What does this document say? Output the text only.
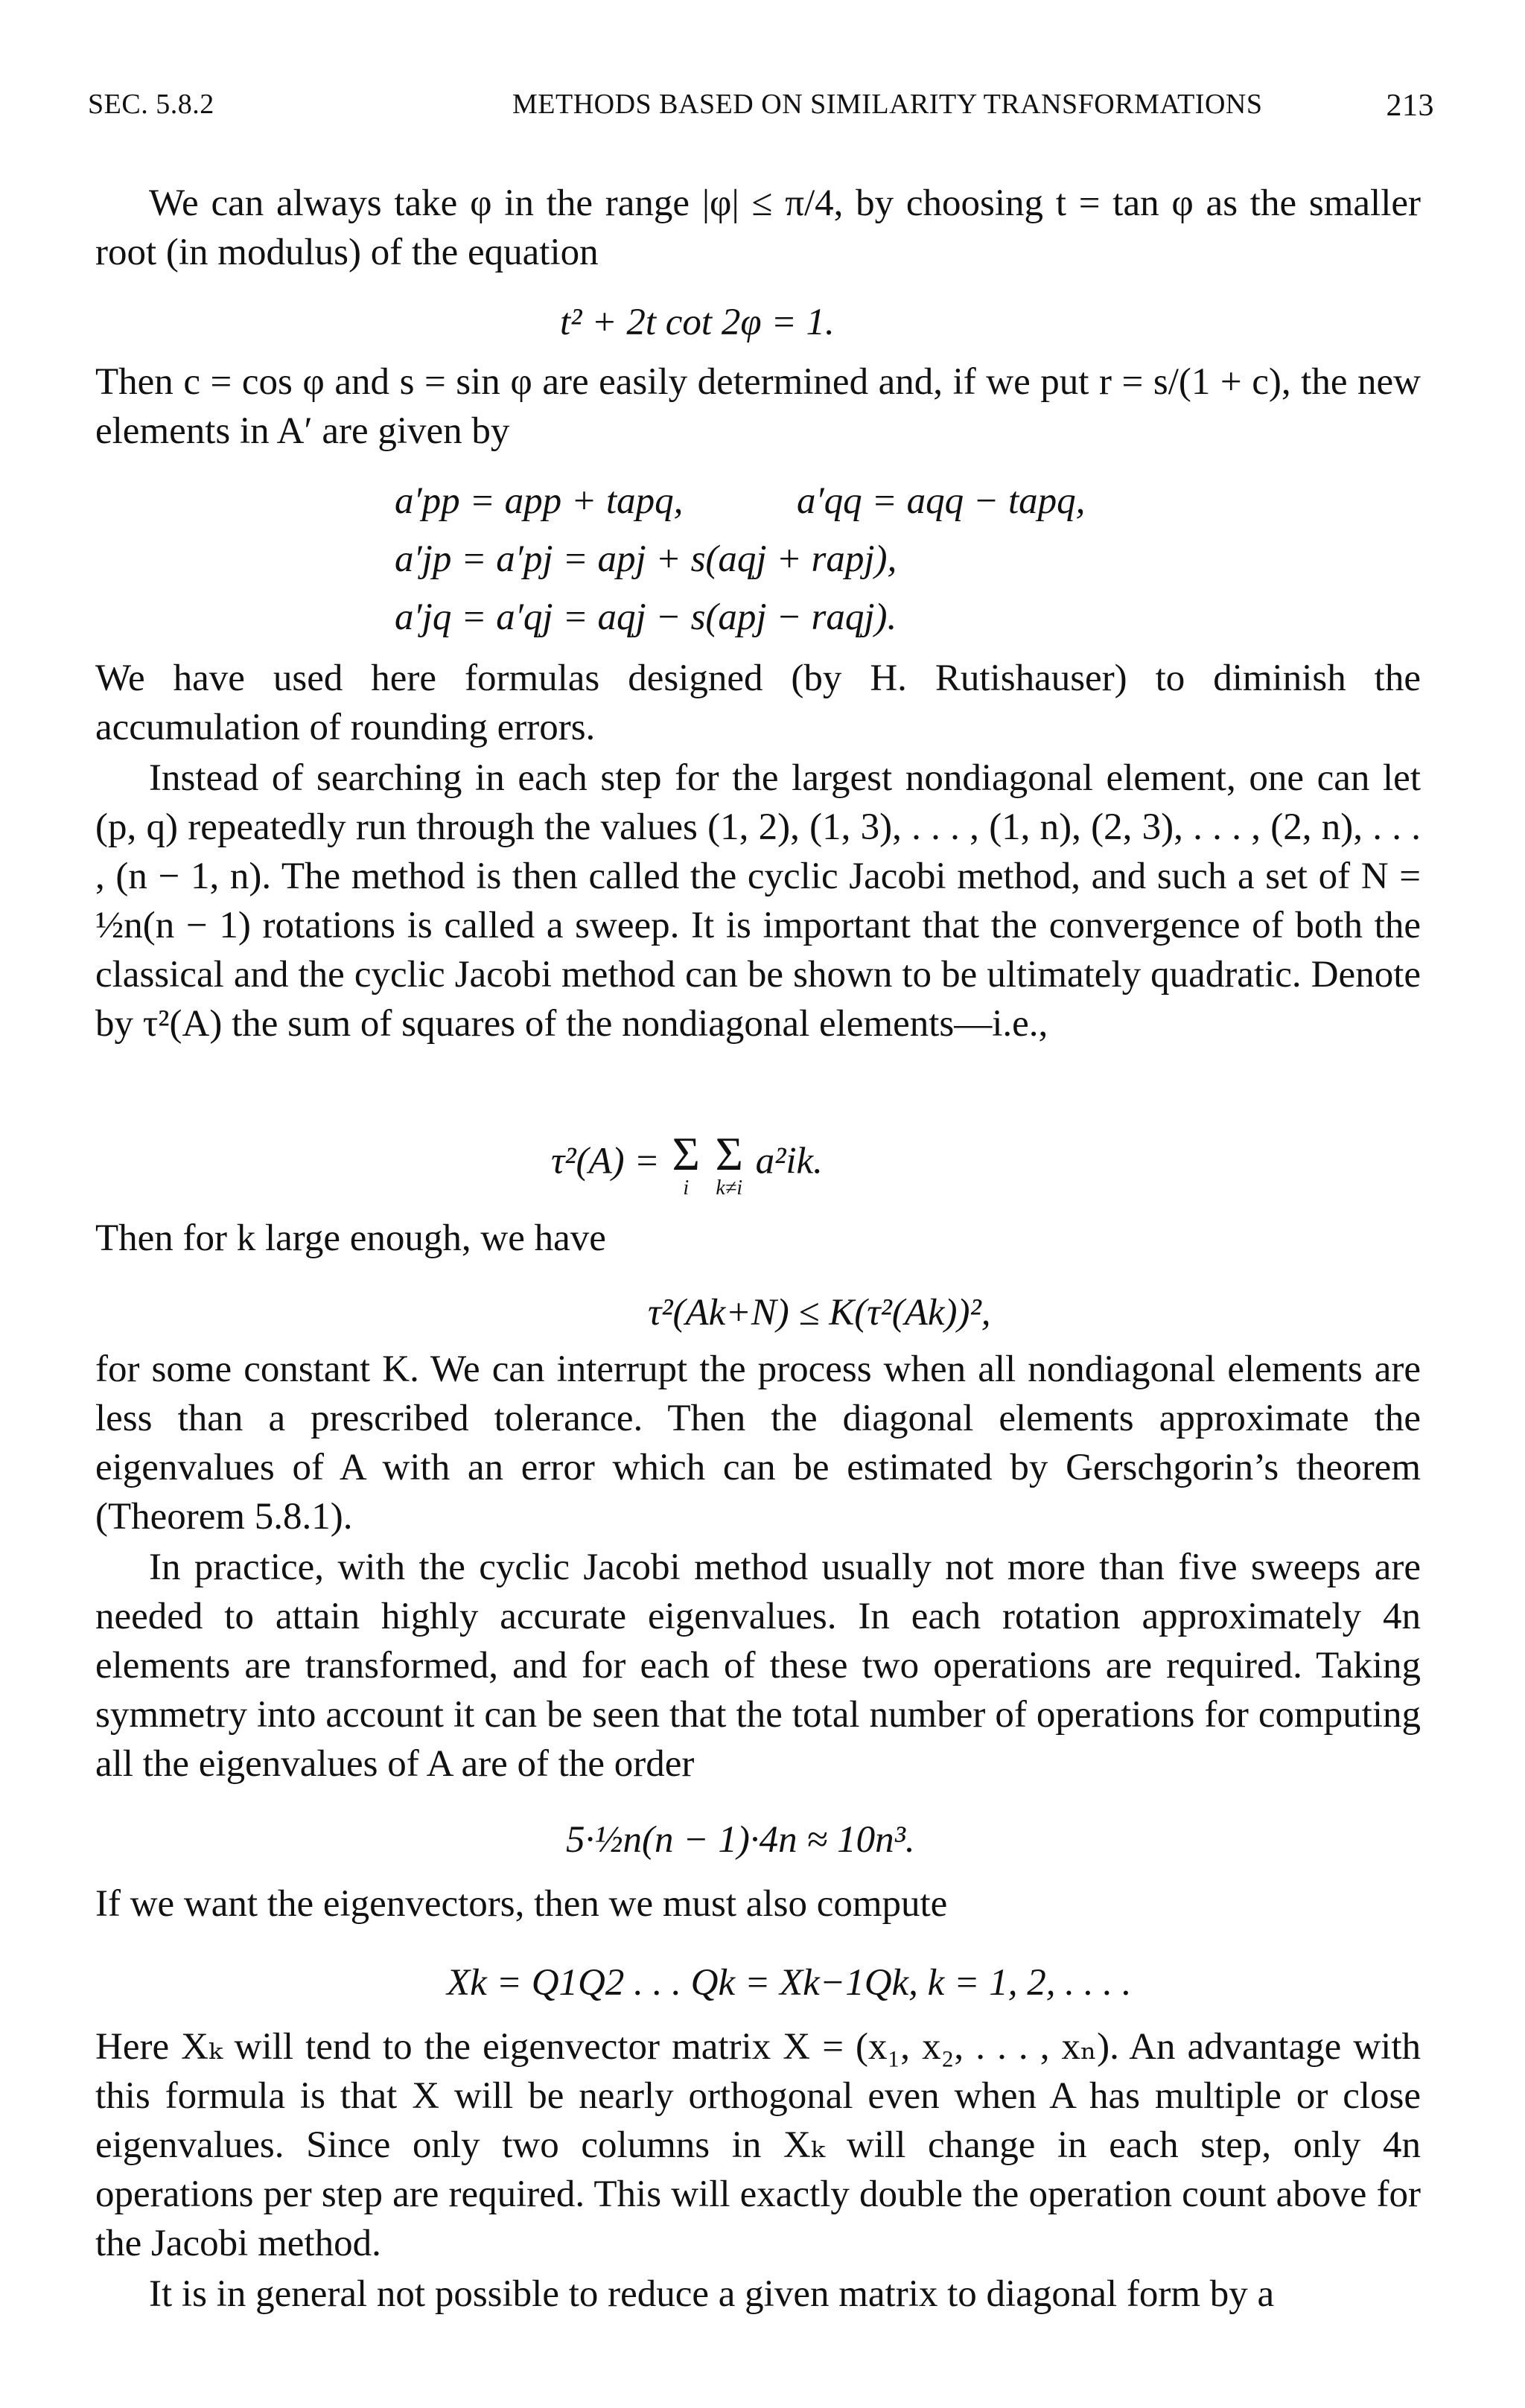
SEC. 5.8.2	METHODS BASED ON SIMILARITY TRANSFORMATIONS	213
We can always take φ in the range |φ| ≤ π/4, by choosing t = tan φ as the smaller root (in modulus) of the equation
t² + 2t cot 2φ = 1.
Then c = cos φ and s = sin φ are easily determined and, if we put r = s/(1 + c), the new elements in A′ are given by
a′pp = app + tapq,	a′qq = aqq − tapq,
a′jp = a′pj = apj + s(aqj + rapj),
a′jq = a′qj = aqj − s(apj − raqj).
We have used here formulas designed (by H. Rutishauser) to diminish the accumulation of rounding errors.
Instead of searching in each step for the largest nondiagonal element, one can let (p, q) repeatedly run through the values (1, 2), (1, 3), . . . , (1, n), (2, 3), . . . , (2, n), . . . , (n − 1, n). The method is then called the cyclic Jacobi method, and such a set of N = ½n(n − 1) rotations is called a sweep. It is important that the convergence of both the classical and the cyclic Jacobi method can be shown to be ultimately quadratic. Denote by τ²(A) the sum of squares of the nondiagonal elements—i.e.,
τ²(A) = Σ
i

Σ
k≠i
a²ik.
Then for k large enough, we have
τ²(Ak+N) ≤ K(τ²(Ak))²,
for some constant K. We can interrupt the process when all nondiagonal elements are less than a prescribed tolerance. Then the diagonal elements approximate the eigenvalues of A with an error which can be estimated by Gerschgorin’s theorem (Theorem 5.8.1).
In practice, with the cyclic Jacobi method usually not more than five sweeps are needed to attain highly accurate eigenvalues. In each rotation approximately 4n elements are transformed, and for each of these two operations are required. Taking symmetry into account it can be seen that the total number of operations for computing all the eigenvalues of A are of the order
5·½n(n − 1)·4n ≈ 10n³.
If we want the eigenvectors, then we must also compute
Xk = Q1Q2 . . . Qk = Xk−1Qk, k = 1, 2, . . . .
Here Xₖ will tend to the eigenvector matrix X = (x₁, x₂, . . . , xₙ). An advantage with this formula is that X will be nearly orthogonal even when A has multiple or close eigenvalues. Since only two columns in Xₖ will change in each step, only 4n operations per step are required. This will exactly double the operation count above for the Jacobi method.
It is in general not possible to reduce a given matrix to diagonal form by a
